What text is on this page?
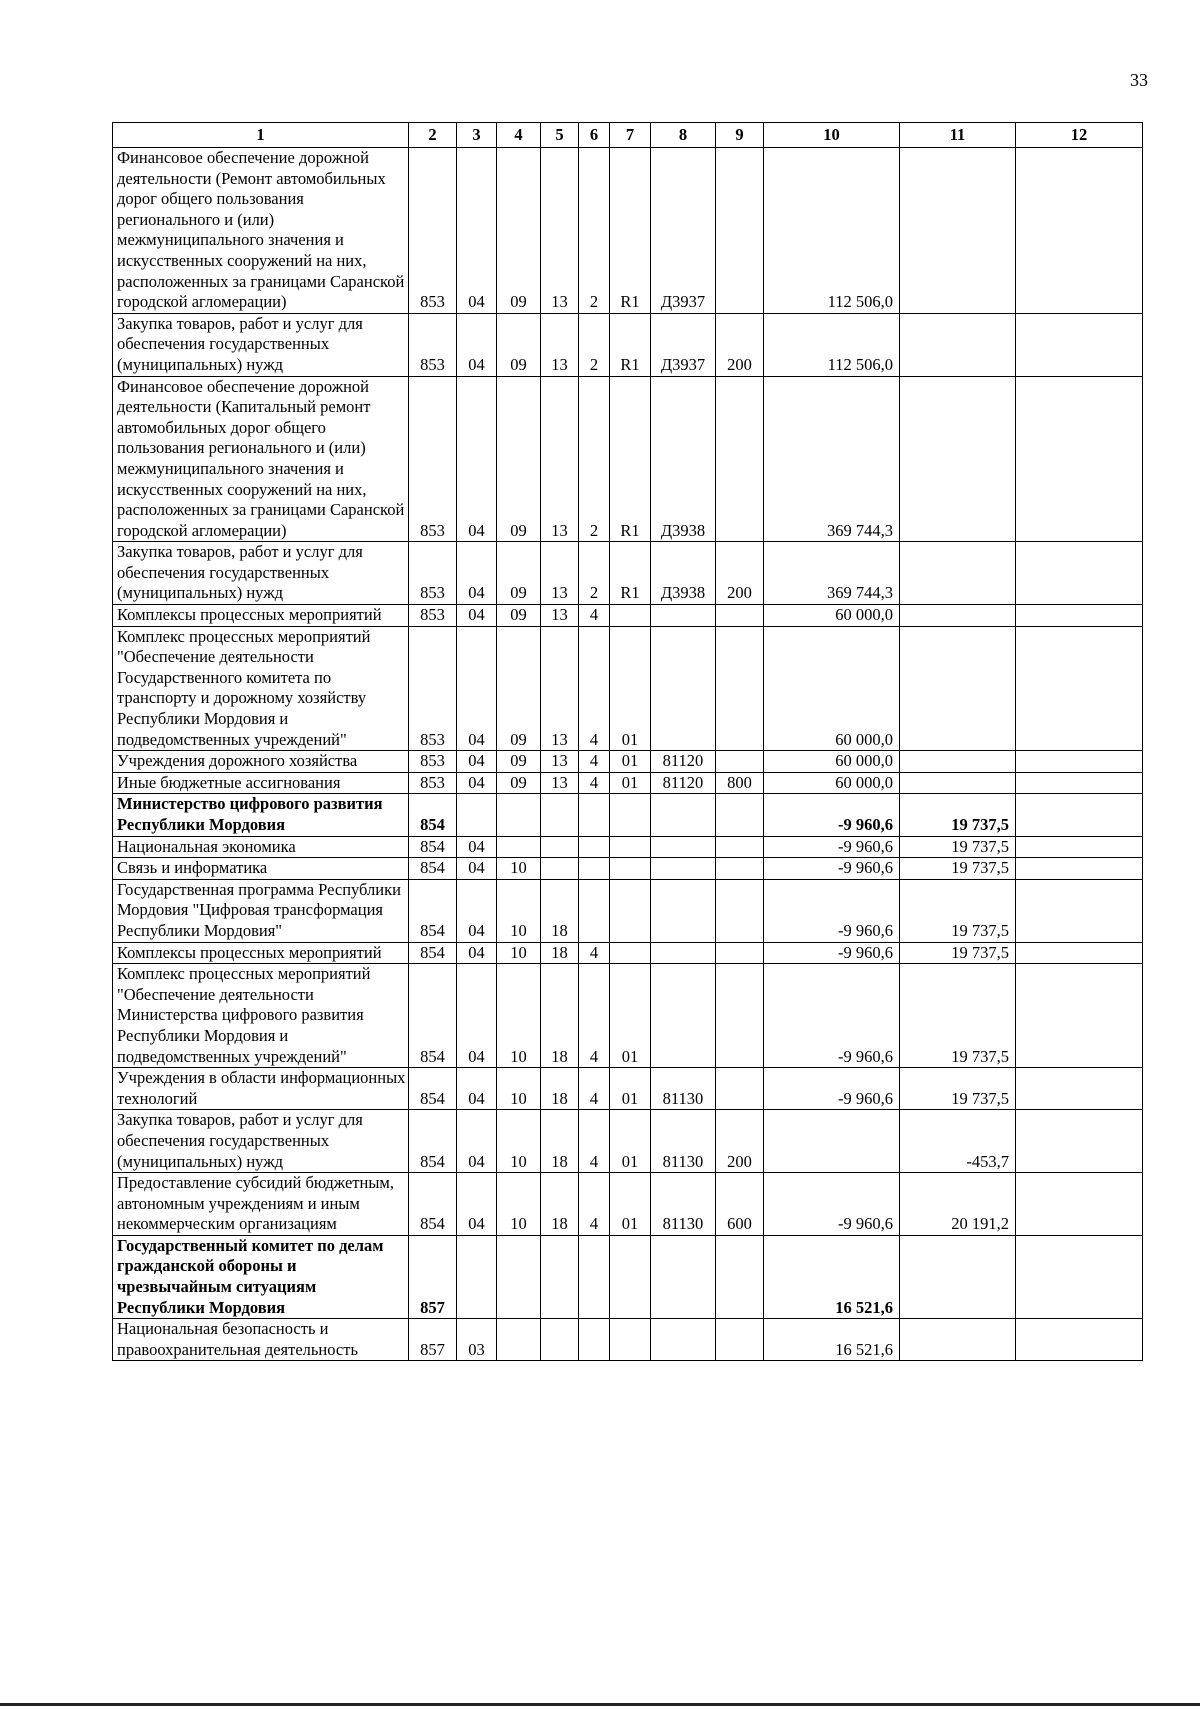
33
1	2	3	4	5	6	7	8	9	10	11	12
Финансовое обеспечение дорожной деятельности (Ремонт автомобильных дорог общего пользования регионального и (или) межмуниципального значения и искусственных сооружений на них, расположенных за границами Саранской городской агломерации)	853	04	09	13	2	R1	Д3937		112 506,0		
Закупка товаров, работ и услуг для обеспечения государственных (муниципальных) нужд	853	04	09	13	2	R1	Д3937	200	112 506,0		
Финансовое обеспечение дорожной деятельности (Капитальный ремонт автомобильных дорог общего пользования регионального и (или) межмуниципального значения и искусственных сооружений на них, расположенных за границами Саранской городской агломерации)	853	04	09	13	2	R1	Д3938		369 744,3		
Закупка товаров, работ и услуг для обеспечения государственных (муниципальных) нужд	853	04	09	13	2	R1	Д3938	200	369 744,3		
Комплексы процессных мероприятий	853	04	09	13	4				60 000,0		
Комплекс процессных мероприятий "Обеспечение деятельности Государственного комитета по транспорту и дорожному хозяйству Республики Мордовия и подведомственных учреждений"	853	04	09	13	4	01			60 000,0		
Учреждения дорожного хозяйства	853	04	09	13	4	01	81120		60 000,0		
Иные бюджетные ассигнования	853	04	09	13	4	01	81120	800	60 000,0		
Министерство цифрового развития Республики Мордовия	854								-9 960,6	19 737,5	
Национальная экономика	854	04							-9 960,6	19 737,5	
Связь и информатика	854	04	10						-9 960,6	19 737,5	
Государственная программа Республики Мордовия "Цифровая трансформация Республики Мордовия"	854	04	10	18					-9 960,6	19 737,5	
Комплексы процессных мероприятий	854	04	10	18	4				-9 960,6	19 737,5	
Комплекс процессных мероприятий "Обеспечение деятельности Министерства цифрового развития Республики Мордовия и подведомственных учреждений"	854	04	10	18	4	01			-9 960,6	19 737,5	
Учреждения в области информационных технологий	854	04	10	18	4	01	81130		-9 960,6	19 737,5	
Закупка товаров, работ и услуг для обеспечения государственных (муниципальных) нужд	854	04	10	18	4	01	81130	200		-453,7	
Предоставление субсидий бюджетным, автономным учреждениям и иным некоммерческим организациям	854	04	10	18	4	01	81130	600	-9 960,6	20 191,2	
Государственный комитет по делам гражданской обороны и чрезвычайным ситуациям Республики Мордовия	857								16 521,6		
Национальная безопасность и правоохранительная деятельность	857	03							16 521,6		
